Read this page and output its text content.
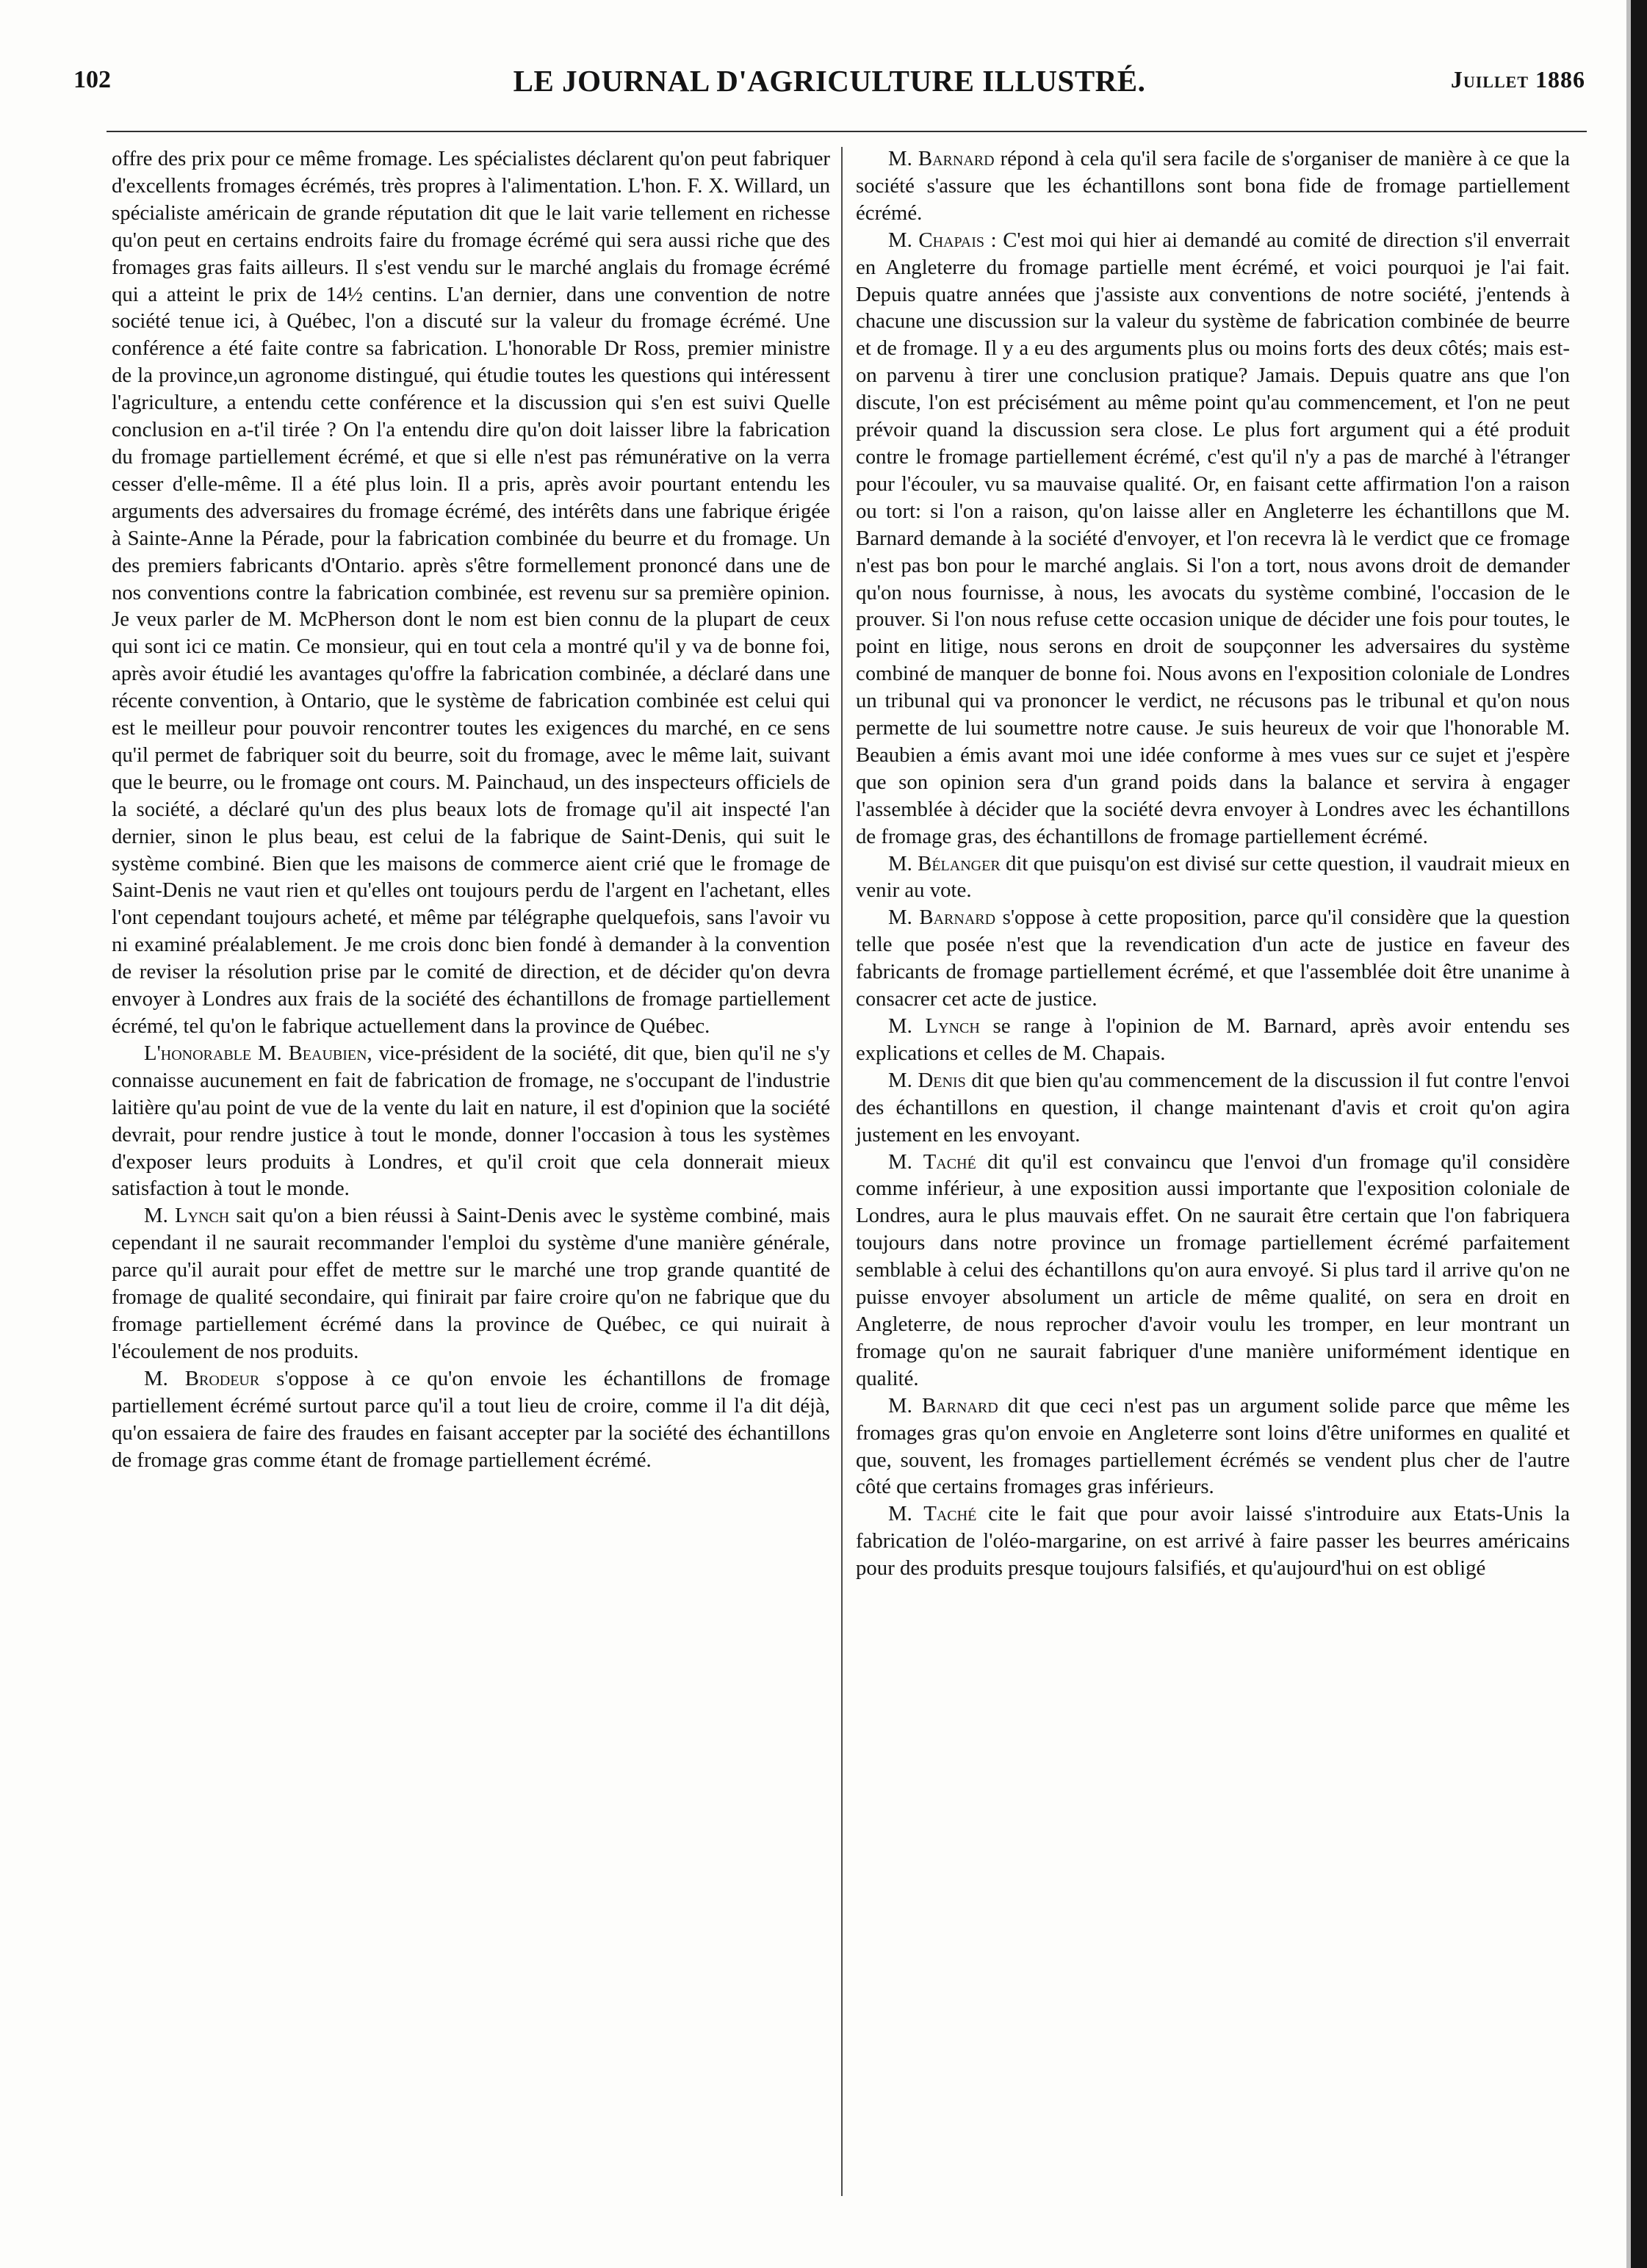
102	LE JOURNAL D'AGRICULTURE ILLUSTRÉ.	Juillet 1886

offre des prix pour ce même fromage. Les spécialistes déclarent qu'on peut fabriquer d'excellents fromages écrémés, très propres à l'alimentation. L'hon. F. X. Willard, un spécialiste américain de grande réputation dit que le lait varie tellement en richesse qu'on peut en certains endroits faire du fromage écrémé qui sera aussi riche que des fromages gras faits ailleurs. Il s'est vendu sur le marché anglais du fromage écrémé qui a atteint le prix de 14½ centins. L'an dernier, dans une convention de notre société tenue ici, à Québec, l'on a discuté sur la valeur du fromage écrémé. Une conférence a été faite contre sa fabrication. L'honorable Dr Ross, premier ministre de la province,un agronome distingué, qui étudie toutes les questions qui intéressent l'agriculture, a entendu cette conférence et la discussion qui s'en est suivi Quelle conclusion en a-t'il tirée ? On l'a entendu dire qu'on doit laisser libre la fabrication du fromage partiellement écrémé, et que si elle n'est pas rémunérative on la verra cesser d'elle-même. Il a été plus loin. Il a pris, après avoir pourtant entendu les arguments des adversaires du fromage écrémé, des intérêts dans une fabrique érigée à Sainte-Anne la Pérade, pour la fabrication combinée du beurre et du fromage. Un des premiers fabricants d'Ontario. après s'être formellement prononcé dans une de nos conventions contre la fabrication combinée, est revenu sur sa première opinion. Je veux parler de M. McPherson dont le nom est bien connu de la plupart de ceux qui sont ici ce matin. Ce monsieur, qui en tout cela a montré qu'il y va de bonne foi, après avoir étudié les avantages qu'offre la fabrication combinée, a déclaré dans une récente convention, à Ontario, que le système de fabrication combinée est celui qui est le meilleur pour pouvoir rencontrer toutes les exigences du marché, en ce sens qu'il permet de fabriquer soit du beurre, soit du fromage, avec le même lait, suivant que le beurre, ou le fromage ont cours. M. Painchaud, un des inspecteurs officiels de la société, a déclaré qu'un des plus beaux lots de fromage qu'il ait inspecté l'an dernier, sinon le plus beau, est celui de la fabrique de Saint-Denis, qui suit le système combiné. Bien que les maisons de commerce aient crié que le fromage de Saint-Denis ne vaut rien et qu'elles ont toujours perdu de l'argent en l'achetant, elles l'ont cependant toujours acheté, et même par télégraphe quelquefois, sans l'avoir vu ni examiné préalablement. Je me crois donc bien fondé à demander à la convention de reviser la résolution prise par le comité de direction, et de décider qu'on devra envoyer à Londres aux frais de la société des échantillons de fromage partiellement écrémé, tel qu'on le fabrique actuellement dans la province de Québec.

L'honorable M. Beaubien, vice-président de la société, dit que, bien qu'il ne s'y connaisse aucunement en fait de fabrication de fromage, ne s'occupant de l'industrie laitière qu'au point de vue de la vente du lait en nature, il est d'opinion que la société devrait, pour rendre justice à tout le monde, donner l'occasion à tous les systèmes d'exposer leurs produits à Londres, et qu'il croit que cela donnerait mieux satisfaction à tout le monde.

M. Lynch sait qu'on a bien réussi à Saint-Denis avec le système combiné, mais cependant il ne saurait recommander l'emploi du système d'une manière générale, parce qu'il aurait pour effet de mettre sur le marché une trop grande quantité de fromage de qualité secondaire, qui finirait par faire croire qu'on ne fabrique que du fromage partiellement écrémé dans la province de Québec, ce qui nuirait à l'écoulement de nos produits.

M. Brodeur s'oppose à ce qu'on envoie les échantillons de fromage partiellement écrémé surtout parce qu'il a tout lieu de croire, comme il l'a dit déjà, qu'on essaiera de faire des fraudes en faisant accepter par la société des échantillons de fromage gras comme étant de fromage partiellement écrémé.

M. Barnard répond à cela qu'il sera facile de s'organiser de manière à ce que la société s'assure que les échantillons sont bona fide de fromage partiellement écrémé.

M. Chapais : C'est moi qui hier ai demandé au comité de direction s'il enverrait en Angleterre du fromage partielle ment écrémé, et voici pourquoi je l'ai fait. Depuis quatre années que j'assiste aux conventions de notre société, j'entends à chacune une discussion sur la valeur du système de fabrication combinée de beurre et de fromage. Il y a eu des arguments plus ou moins forts des deux côtés; mais est-on parvenu à tirer une conclusion pratique? Jamais. Depuis quatre ans que l'on discute, l'on est précisément au même point qu'au commencement, et l'on ne peut prévoir quand la discussion sera close. Le plus fort argument qui a été produit contre le fromage partiellement écrémé, c'est qu'il n'y a pas de marché à l'étranger pour l'écouler, vu sa mauvaise qualité. Or, en faisant cette affirmation l'on a raison ou tort: si l'on a raison, qu'on laisse aller en Angleterre les échantillons que M. Barnard demande à la société d'envoyer, et l'on recevra là le verdict que ce fromage n'est pas bon pour le marché anglais. Si l'on a tort, nous avons droit de demander qu'on nous fournisse, à nous, les avocats du système combiné, l'occasion de le prouver. Si l'on nous refuse cette occasion unique de décider une fois pour toutes, le point en litige, nous serons en droit de soupçonner les adversaires du système combiné de manquer de bonne foi. Nous avons en l'exposition coloniale de Londres un tribunal qui va prononcer le verdict, ne récusons pas le tribunal et qu'on nous permette de lui soumettre notre cause. Je suis heureux de voir que l'honorable M. Beaubien a émis avant moi une idée conforme à mes vues sur ce sujet et j'espère que son opinion sera d'un grand poids dans la balance et servira à engager l'assemblée à décider que la société devra envoyer à Londres avec les échantillons de fromage gras, des échantillons de fromage partiellement écrémé.

M. Bélanger dit que puisqu'on est divisé sur cette question, il vaudrait mieux en venir au vote.

M. Barnard s'oppose à cette proposition, parce qu'il considère que la question telle que posée n'est que la revendication d'un acte de justice en faveur des fabricants de fromage partiellement écrémé, et que l'assemblée doit être unanime à consacrer cet acte de justice.

M. Lynch se range à l'opinion de M. Barnard, après avoir entendu ses explications et celles de M. Chapais.

M. Denis dit que bien qu'au commencement de la discussion il fut contre l'envoi des échantillons en question, il change maintenant d'avis et croit qu'on agira justement en les envoyant.

M. Taché dit qu'il est convaincu que l'envoi d'un fromage qu'il considère comme inférieur, à une exposition aussi importante que l'exposition coloniale de Londres, aura le plus mauvais effet. On ne saurait être certain que l'on fabriquera toujours dans notre province un fromage partiellement écrémé parfaitement semblable à celui des échantillons qu'on aura envoyé. Si plus tard il arrive qu'on ne puisse envoyer absolument un article de même qualité, on sera en droit en Angleterre, de nous reprocher d'avoir voulu les tromper, en leur montrant un fromage qu'on ne saurait fabriquer d'une manière uniformément identique en qualité.

M. Barnard dit que ceci n'est pas un argument solide parce que même les fromages gras qu'on envoie en Angleterre sont loins d'être uniformes en qualité et que, souvent, les fromages partiellement écrémés se vendent plus cher de l'autre côté que certains fromages gras inférieurs.

M. Taché cite le fait que pour avoir laissé s'introduire aux Etats-Unis la fabrication de l'oléo-margarine, on est arrivé à faire passer les beurres américains pour des produits presque toujours falsifiés, et qu'aujourd'hui on est obligé
